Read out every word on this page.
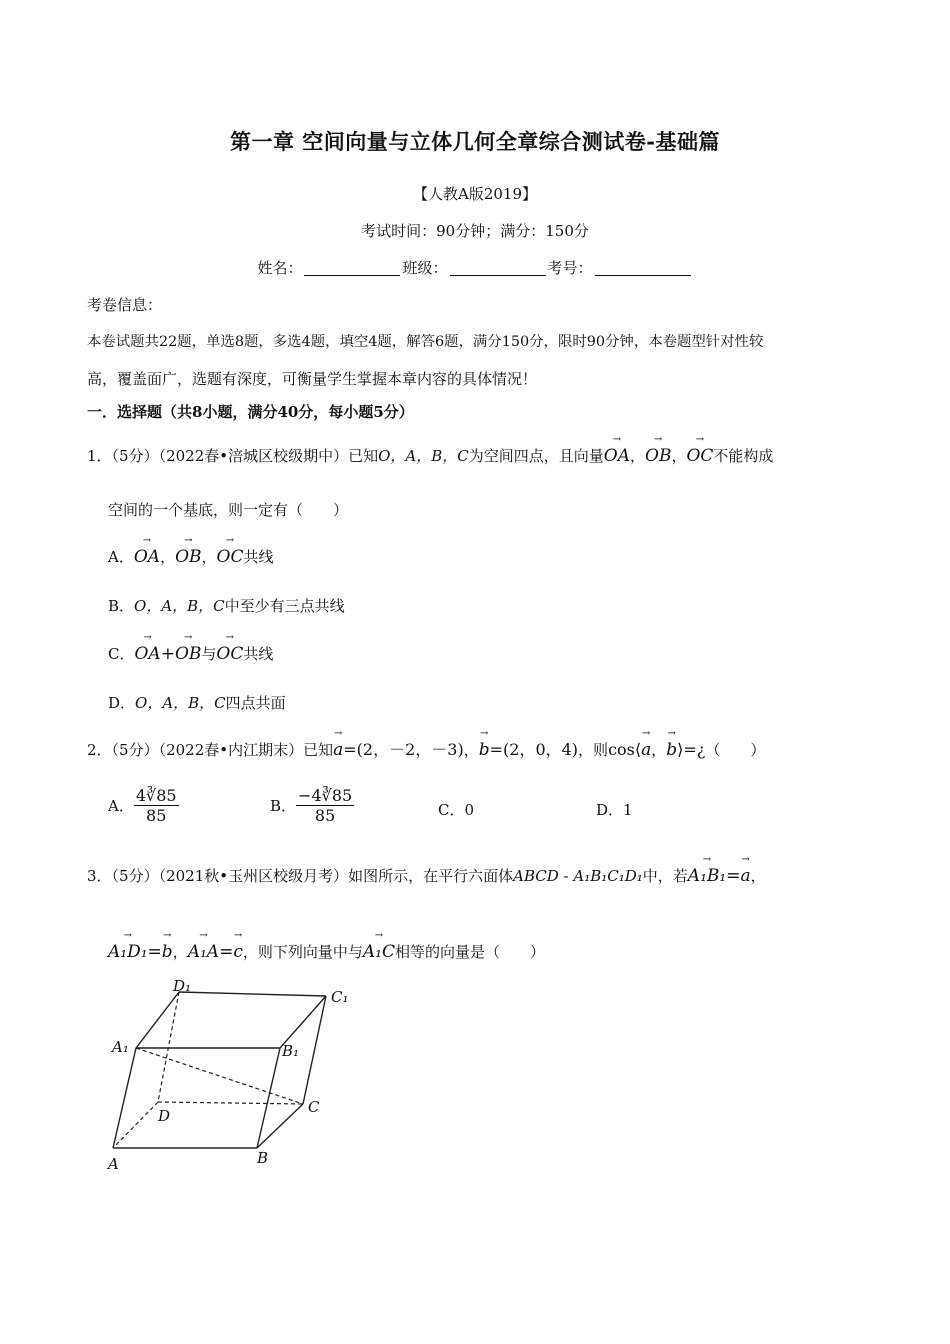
第一章 空间向量与立体几何全章综合测试卷-基础篇
【人教A版2019】
考试时间：90分钟；满分：150分
姓名：	班级：	考号：
考卷信息：
本卷试题共22题，单选8题，多选4题，填空4题，解答6题，满分150分，限时90分钟，本卷题型针对性较
高，覆盖面广，选题有深度，可衡量学生掌握本章内容的具体情况！
一．选择题（共8小题，满分40分，每小题5分）
1．（5分）（2022春•涪城区校级期中）已知O，A，B，C为空间四点，且向量→ OA，→ OB，→ OC不能构成
空间的一个基底，则一定有（　　）
A．→ OA，→ OB，→ OC共线
B．O，A，B，C中至少有三点共线
C．→ OA+→ OB与→ OC共线
D．O，A，B，C四点共面
2．（5分）（2022春•内江期末）已知→ a=(2，－2，－3)，→ b=(2，0，4)，则cos⟨→ a，→ b⟩=¿（　　）
A． $\frac{4∛85}{85}$	B． $\frac{-4∛85}{85}$	C．0	D．1
3．（5分）（2021秋•玉州区校级月考）如图所示，在平行六面体ABCD - A₁B₁C₁D₁中，若→ A₁B₁=→ a，
→ A₁D₁=→ b，→ A₁A=→ c，则下列向量中与→ A₁C相等的向量是（　　）
A₁
D₁
C₁
B₁
D	C
A	B
